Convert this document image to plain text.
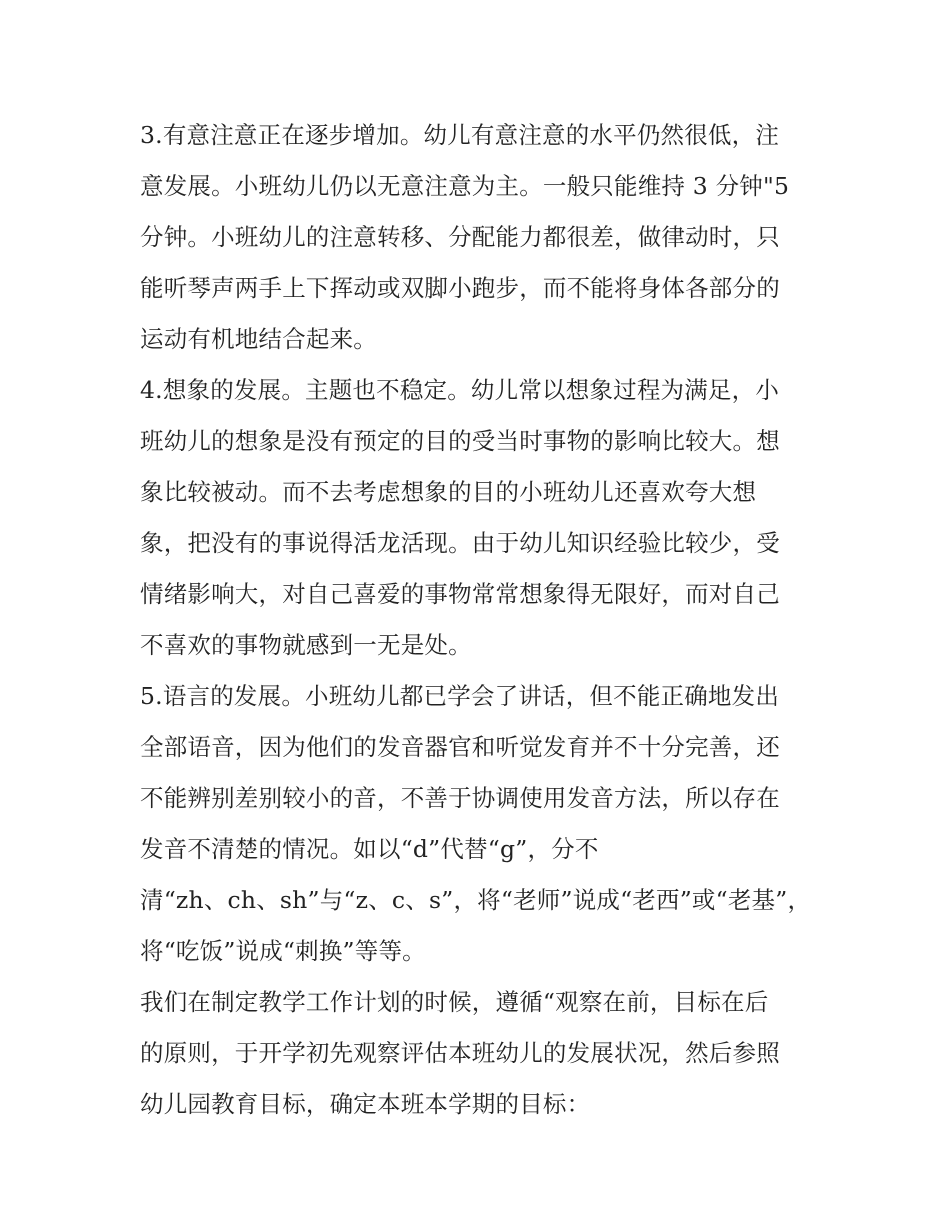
3.有意注意正在逐步增加。幼儿有意注意的水平仍然很低，注
意发展。小班幼儿仍以无意注意为主。一般只能维持 3 分钟"5
分钟。小班幼儿的注意转移、分配能力都很差，做律动时，只
能听琴声两手上下挥动或双脚小跑步，而不能将身体各部分的
运动有机地结合起来。
4.想象的发展。主题也不稳定。幼儿常以想象过程为满足，小
班幼儿的想象是没有预定的目的受当时事物的影响比较大。想
象比较被动。而不去考虑想象的目的小班幼儿还喜欢夸大想
象，把没有的事说得活龙活现。由于幼儿知识经验比较少，受
情绪影响大，对自己喜爱的事物常常想象得无限好，而对自己
不喜欢的事物就感到一无是处。
5.语言的发展。小班幼儿都已学会了讲话，但不能正确地发出
全部语音，因为他们的发音器官和听觉发育并不十分完善，还
不能辨别差别较小的音，不善于协调使用发音方法，所以存在
发音不清楚的情况。如以“d”代替“g”，分不
清“zh、ch、sh”与“z、c、s”，将“老师”说成“老西”或“老基”，
将“吃饭”说成“刺换”等等。
我们在制定教学工作计划的时候，遵循“观察在前，目标在后
的原则，于开学初先观察评估本班幼儿的发展状况，然后参照
幼儿园教育目标，确定本班本学期的目标：
